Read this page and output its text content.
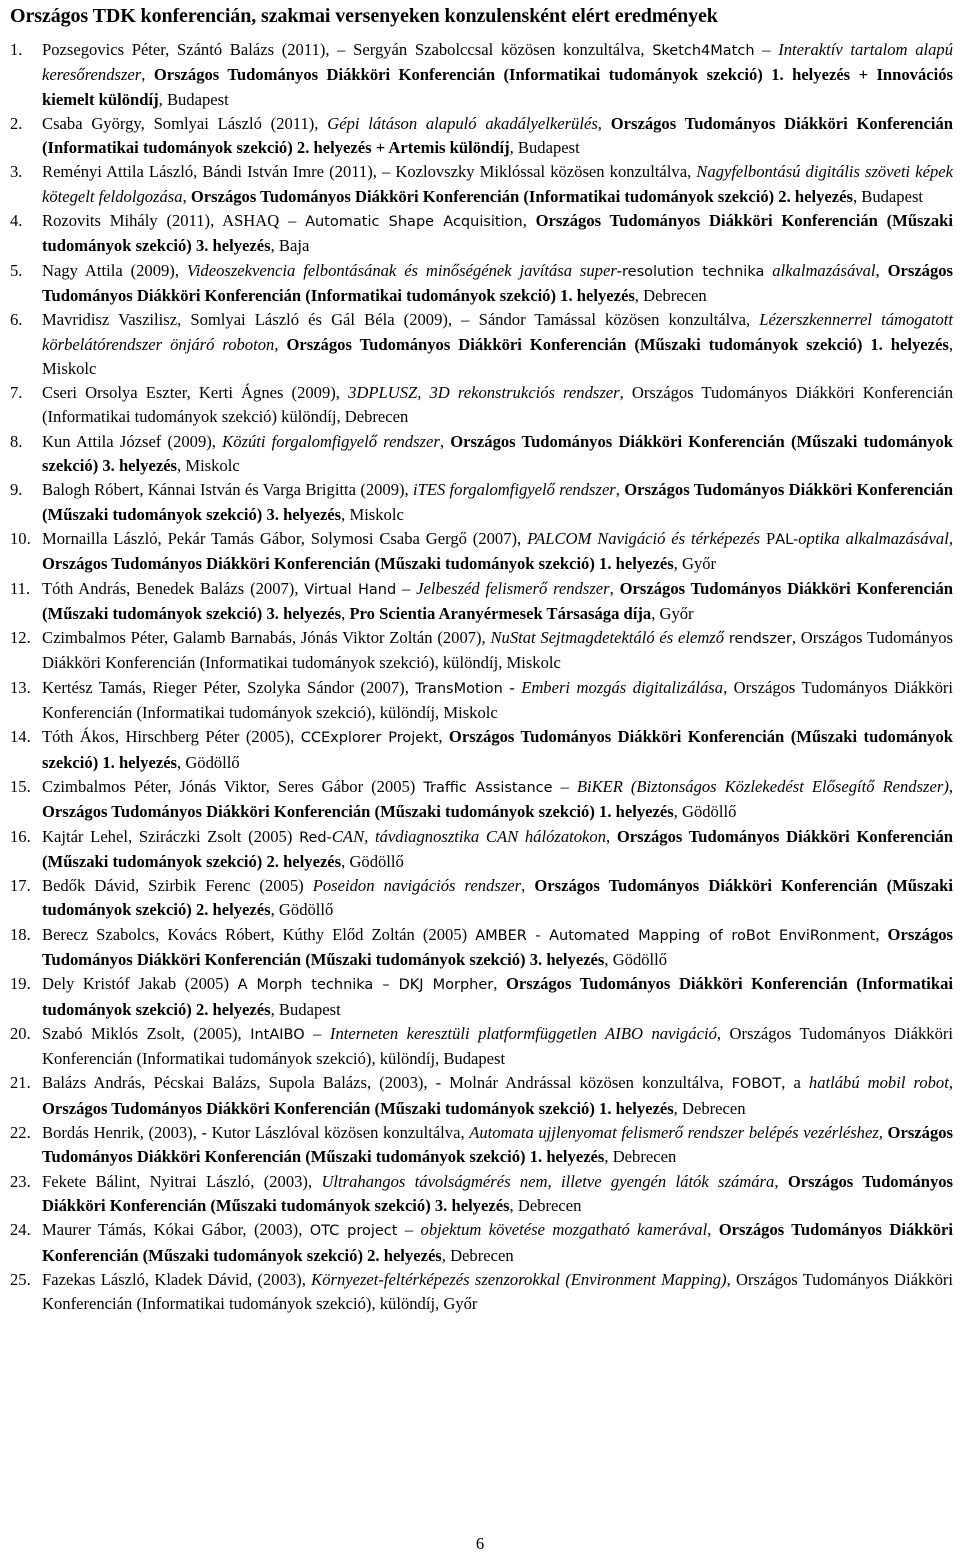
Országos TDK konferencián, szakmai versenyeken konzulensként elért eredmények
1. Pozsegovics Péter, Szántó Balázs (2011), – Sergyán Szabolccsal közösen konzultálva, Sketch4Match – Interaktív tartalom alapú keresőrendszer, Országos Tudományos Diákköri Konferencián (Informatikai tudományok szekció) 1. helyezés + Innovációs kiemelt különdíj, Budapest
2. Csaba György, Somlyai László (2011), Gépi látáson alapuló akadályelkerülés, Országos Tudományos Diákköri Konferencián (Informatikai tudományok szekció) 2. helyezés + Artemis különdíj, Budapest
3. Reményi Attila László, Bándi István Imre (2011), – Kozlovszky Miklóssal közösen konzultálva, Nagyfelbontású digitális szöveti képek kötegelt feldolgozása, Országos Tudományos Diákköri Konferencián (Informatikai tudományok szekció) 2. helyezés, Budapest
4. Rozovits Mihály (2011), ASHAQ – Automatic Shape Acquisition, Országos Tudományos Diákköri Konferencián (Műszaki tudományok szekció) 3. helyezés, Baja
5. Nagy Attila (2009), Videoszekvencia felbontásának és minőségének javítása super-resolution technika alkalmazásával, Országos Tudományos Diákköri Konferencián (Informatikai tudományok szekció) 1. helyezés, Debrecen
6. Mavridisz Vaszilisz, Somlyai László és Gál Béla (2009), – Sándor Tamással közösen konzultálva, Lézerszkennerrel támogatott körbelátórendszer önjáró roboton, Országos Tudományos Diákköri Konferencián (Műszaki tudományok szekció) 1. helyezés, Miskolc
7. Cseri Orsolya Eszter, Kerti Ágnes (2009), 3DPLUSZ, 3D rekonstrukciós rendszer, Országos Tudományos Diákköri Konferencián (Informatikai tudományok szekció) különdíj, Debrecen
8. Kun Attila József (2009), Közúti forgalomfigyelő rendszer, Országos Tudományos Diákköri Konferencián (Műszaki tudományok szekció) 3. helyezés, Miskolc
9. Balogh Róbert, Kánnai István és Varga Brigitta (2009), iTES forgalomfigyelő rendszer, Országos Tudományos Diákköri Konferencián (Műszaki tudományok szekció) 3. helyezés, Miskolc
10. Mornailla László, Pekár Tamás Gábor, Solymosi Csaba Gergő (2007), PALCOM Navigáció és térképezés PAL-optika alkalmazásával, Országos Tudományos Diákköri Konferencián (Műszaki tudományok szekció) 1. helyezés, Győr
11. Tóth András, Benedek Balázs (2007), Virtual Hand – Jelbeszéd felismerő rendszer, Országos Tudományos Diákköri Konferencián (Műszaki tudományok szekció) 3. helyezés, Pro Scientia Aranyérmesek Társasága díja, Győr
12. Czimbalmos Péter, Galamb Barnabás, Jónás Viktor Zoltán (2007), NuStat Sejtmagdetektáló és elemző rendszer, Országos Tudományos Diákköri Konferencián (Informatikai tudományok szekció), különdíj, Miskolc
13. Kertész Tamás, Rieger Péter, Szolyka Sándor (2007), TransMotion - Emberi mozgás digitalizálása, Országos Tudományos Diákköri Konferencián (Informatikai tudományok szekció), különdíj, Miskolc
14. Tóth Ákos, Hirschberg Péter (2005), CCExplorer Projekt, Országos Tudományos Diákköri Konferencián (Műszaki tudományok szekció) 1. helyezés, Gödöllő
15. Czimbalmos Péter, Jónás Viktor, Seres Gábor (2005) Traffic Assistance – BiKER (Biztonságos Közlekedést Elősegítő Rendszer), Országos Tudományos Diákköri Konferencián (Műszaki tudományok szekció) 1. helyezés, Gödöllő
16. Kajtár Lehel, Sziráczki Zsolt (2005) Red-CAN, távdiagnosztika CAN hálózatokon, Országos Tudományos Diákköri Konferencián (Műszaki tudományok szekció) 2. helyezés, Gödöllő
17. Bedők Dávid, Szirbik Ferenc (2005) Poseidon navigációs rendszer, Országos Tudományos Diákköri Konferencián (Műszaki tudományok szekció) 2. helyezés, Gödöllő
18. Berecz Szabolcs, Kovács Róbert, Kúthy Előd Zoltán (2005) AMBER - Automated Mapping of roBot EnviRonment, Országos Tudományos Diákköri Konferencián (Műszaki tudományok szekció) 3. helyezés, Gödöllő
19. Dely Kristóf Jakab (2005) A Morph technika – DKJ Morpher, Országos Tudományos Diákköri Konferencián (Informatikai tudományok szekció) 2. helyezés, Budapest
20. Szabó Miklós Zsolt, (2005), IntAIBO – Interneten keresztüli platformfüggetlen AIBO navigáció, Országos Tudományos Diákköri Konferencián (Informatikai tudományok szekció), különdíj, Budapest
21. Balázs András, Pécskai Balázs, Supola Balázs, (2003), - Molnár Andrással közösen konzultálva, FOBOT, a hatlábú mobil robot, Országos Tudományos Diákköri Konferencián (Műszaki tudományok szekció) 1. helyezés, Debrecen
22. Bordás Henrik, (2003), - Kutor Lászlóval közösen konzultálva, Automata ujjlenyomat felismerő rendszer belépés vezérléshez, Országos Tudományos Diákköri Konferencián (Műszaki tudományok szekció) 1. helyezés, Debrecen
23. Fekete Bálint, Nyitrai László, (2003), Ultrahangos távolságmérés nem, illetve gyengén látók számára, Országos Tudományos Diákköri Konferencián (Műszaki tudományok szekció) 3. helyezés, Debrecen
24. Maurer Támás, Kókai Gábor, (2003), OTC project – objektum követése mozgatható kamerával, Országos Tudományos Diákköri Konferencián (Műszaki tudományok szekció) 2. helyezés, Debrecen
25. Fazekas László, Kladek Dávid, (2003), Környezet-feltérképezés szenzorokkal (Environment Mapping), Országos Tudományos Diákköri Konferencián (Informatikai tudományok szekció), különdíj, Győr
6
